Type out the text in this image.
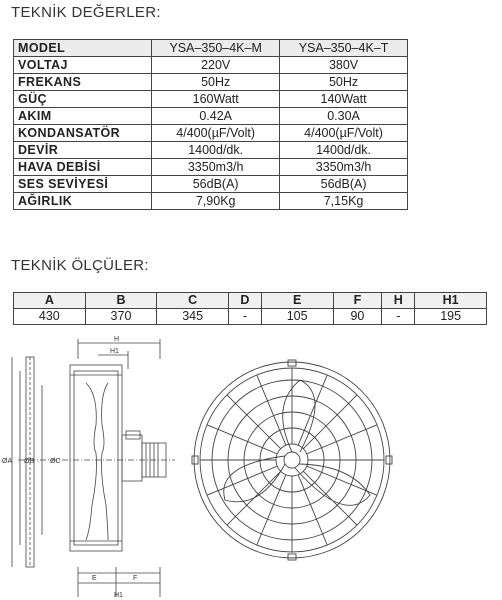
TEKNİK DEĞERLER:
MODEL	YSA–350–4K–M	YSA–350–4K–T
VOLTAJ	220V	380V
FREKANS	50Hz	50Hz
GÜÇ	160Watt	140Watt
AKIM	0.42A	0.30A
KONDANSATÖR	4/400(µF/Volt)	4/400(µF/Volt)
DEVİR	1400d/dk.	1400d/dk.
HAVA DEBİSİ	3350m3/h	3350m3/h
SES SEVİYESİ	56dB(A)	56dB(A)
AĞIRLIK	7,90Kg	7,15Kg
TEKNİK ÖLÇÜLER:
A	B	C	D	E	F	H	H1
430	370	345	-	105	90	-	195
H
H1
ØA ØB ØC
E	F
H1
